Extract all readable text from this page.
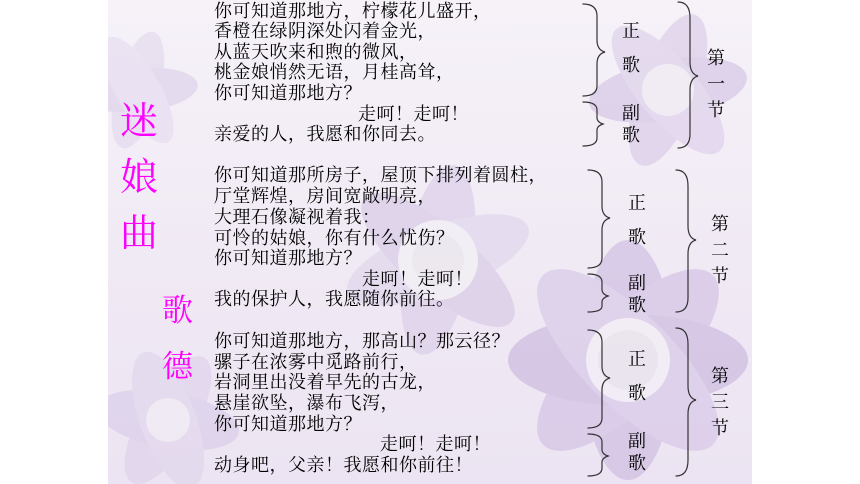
迷
娘
曲
歌
德
你可知道那地方，柠檬花儿盛开，
香橙在绿阴深处闪着金光，
从蓝天吹来和煦的微风，
桃金娘悄然无语，月桂高耸，
你可知道那地方？
走呵！走呵！
亲爱的人，我愿和你同去。
你可知道那所房子，屋顶下排列着圆柱，
厅堂辉煌，房间宽敞明亮，
大理石像凝视着我：
可怜的姑娘，你有什么忧伤？
你可知道那地方？
走呵！走呵！
我的保护人，我愿随你前往。
你可知道那地方，那高山？那云径？
骡子在浓雾中觅路前行，
岩洞里出没着早先的古龙，
悬崖欲坠，瀑布飞泻，
你可知道那地方？
走呵！走呵！
动身吧，父亲！我愿和你前往！
正
歌
副
歌
第
一
节
正
歌
副
歌
第
二
节
正
歌
副
歌
第
三
节
